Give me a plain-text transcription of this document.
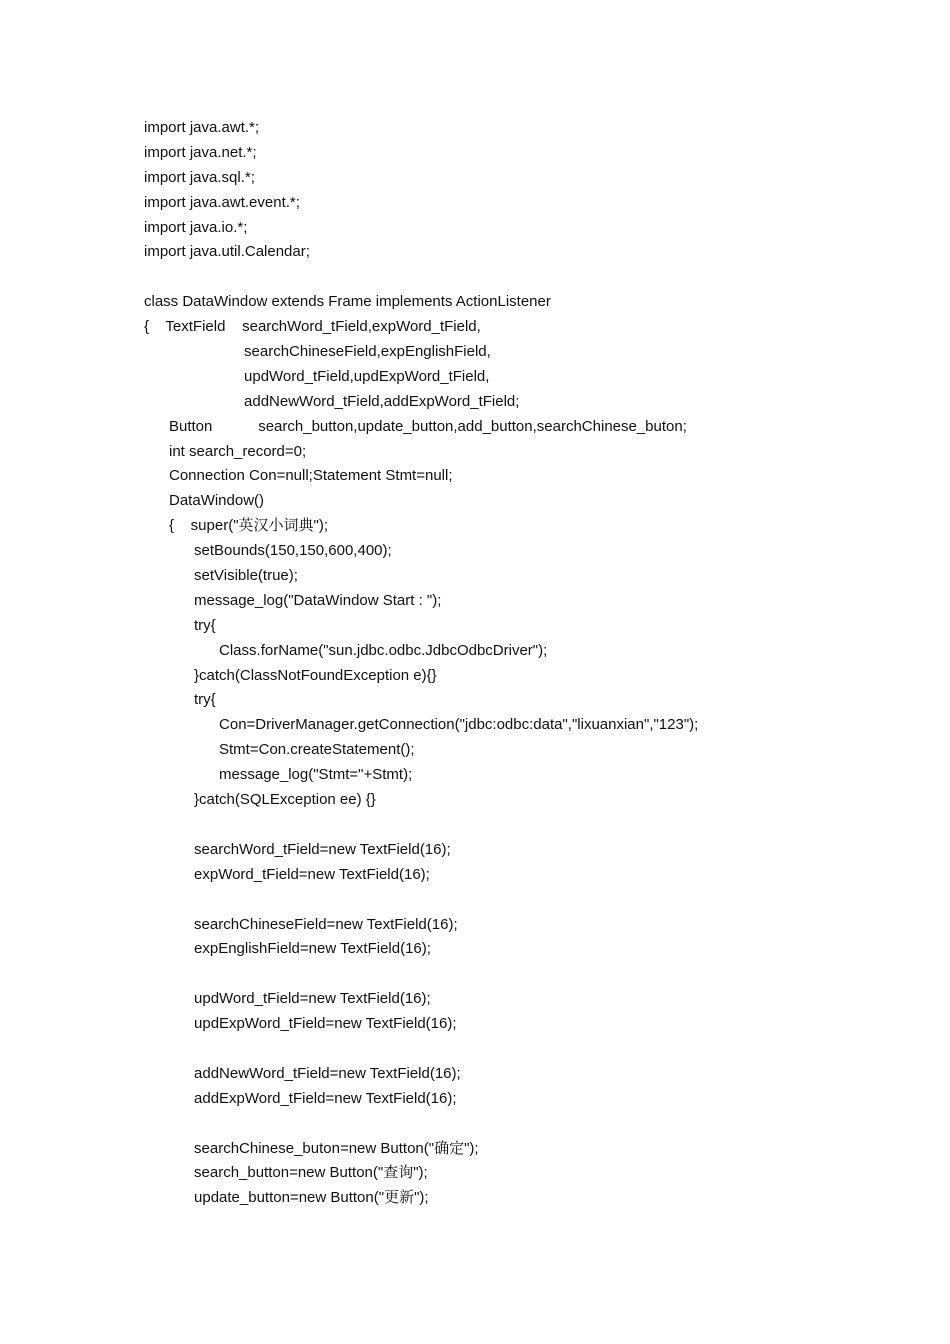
import java.awt.*;
import java.net.*;
import java.sql.*;
import java.awt.event.*;
import java.io.*;
import java.util.Calendar;
class DataWindow extends Frame implements ActionListener
{    TextField    searchWord_tField,expWord_tField,
searchChineseField,expEnglishField,
updWord_tField,updExpWord_tField,
addNewWord_tField,addExpWord_tField;
Button           search_button,update_button,add_button,searchChinese_buton;
int search_record=0;
Connection Con=null;Statement Stmt=null;
DataWindow()
{    super("英汉小词典");
setBounds(150,150,600,400);
setVisible(true);
message_log("DataWindow Start : ");
try{
Class.forName("sun.jdbc.odbc.JdbcOdbcDriver");
}catch(ClassNotFoundException e){}
try{
Con=DriverManager.getConnection("jdbc:odbc:data","lixuanxian","123");
Stmt=Con.createStatement();
message_log("Stmt="+Stmt);
}catch(SQLException ee) {}
searchWord_tField=new TextField(16);
expWord_tField=new TextField(16);
searchChineseField=new TextField(16);
expEnglishField=new TextField(16);
updWord_tField=new TextField(16);
updExpWord_tField=new TextField(16);
addNewWord_tField=new TextField(16);
addExpWord_tField=new TextField(16);
searchChinese_buton=new Button("确定");
search_button=new Button("查询");
update_button=new Button("更新");
